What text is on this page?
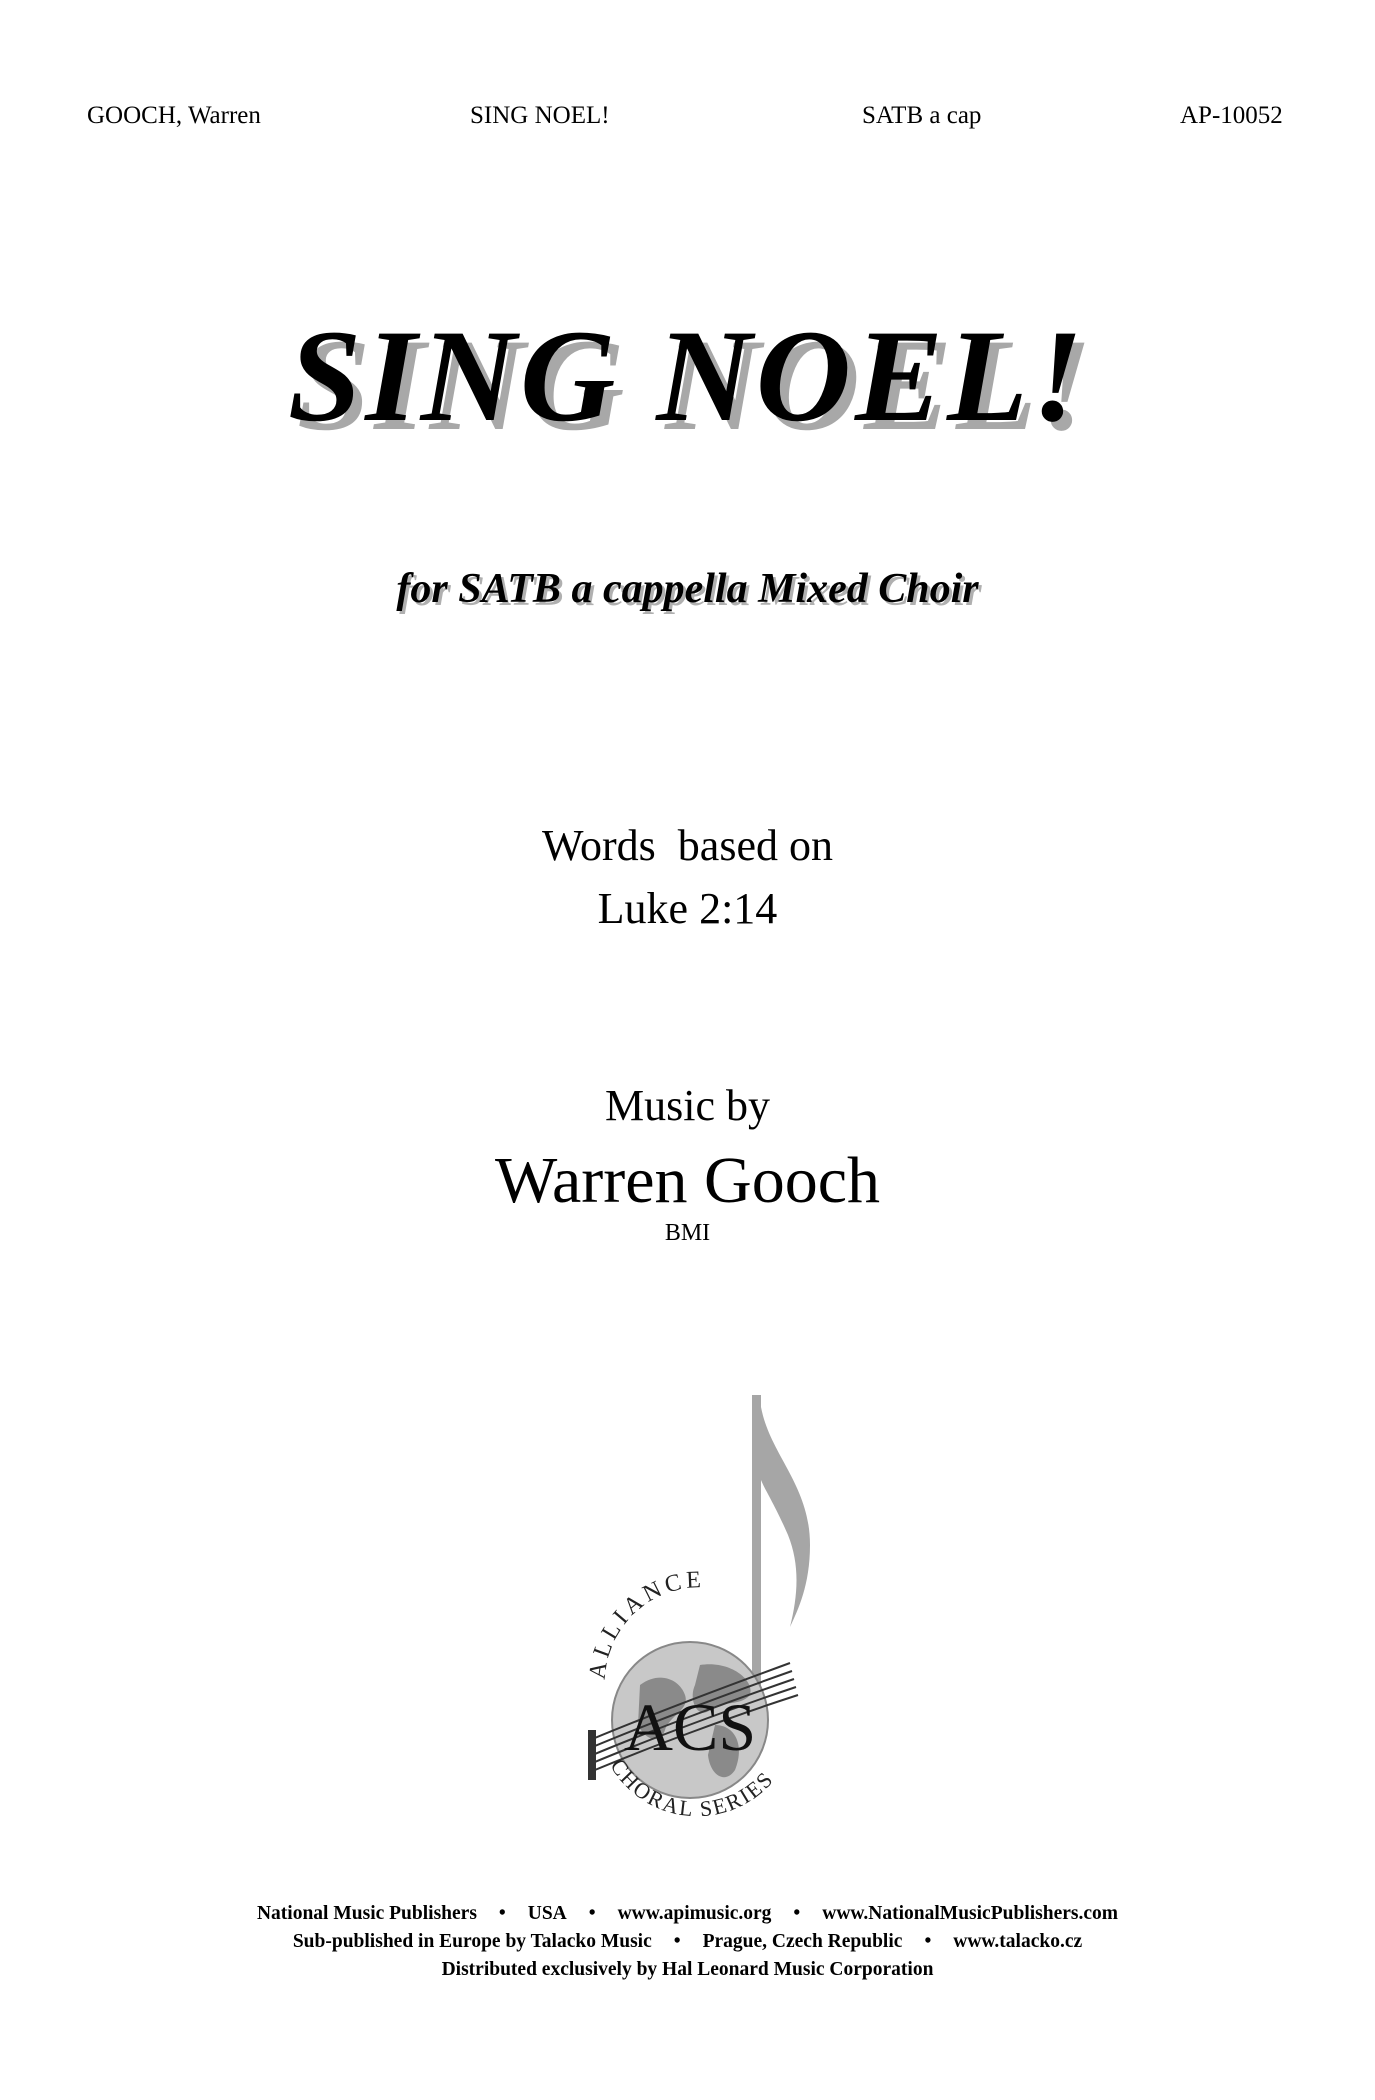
GOOCH, Warren	SING NOEL!	SATB a cap	AP-10052
SING NOEL!
for SATB a cappella Mixed Choir
Words  based on
Luke 2:14
Music by
Warren Gooch
BMI
ACS
ALLIANCE
CHORAL SERIES
National Music Publishers • USA • www.apimusic.org • www.NationalMusicPublishers.com
Sub-published in Europe by Talacko Music • Prague, Czech Republic • www.talacko.cz
Distributed exclusively by Hal Leonard Music Corporation
